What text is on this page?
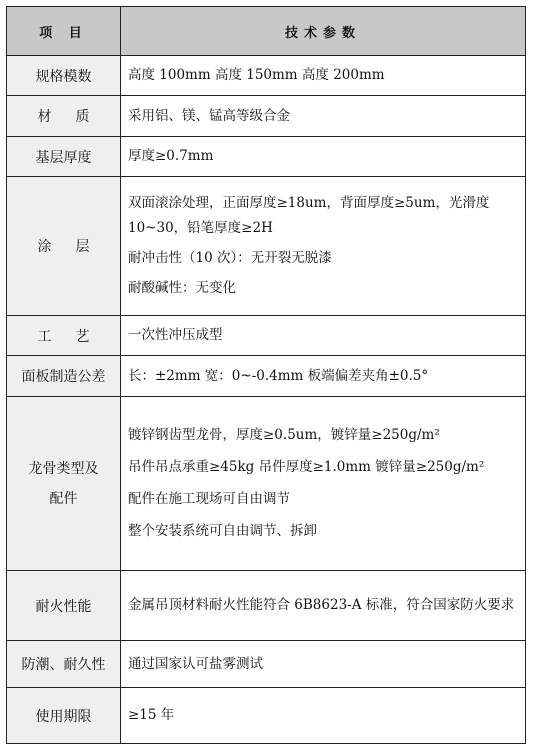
项 目	技术参数
规格模数	高度 100mm 高度 150mm 高度 200mm

材质	采用铝、镁、锰高等级合金

基层厚度	厚度≥0.7mm

涂层	双面滚涂处理，正面厚度≥18um，背面厚度≥5um，光滑度 10~30，铅笔厚度≥2H
耐冲击性（10 次）：无开裂无脱漆
耐酸碱性：无变化

工艺	一次性冲压成型

面板制造公差	长：±2mm 宽：0~-0.4mm 板端偏差夹角±0.5°

龙骨类型及配件	镀锌钢齿型龙骨，厚度≥0.5um，镀锌量≥250g/m²
吊件吊点承重≥45kg 吊件厚度≥1.0mm 镀锌量≥250g/m²
配件在施工现场可自由调节
整个安装系统可自由调节、拆卸

耐火性能	金属吊顶材料耐火性能符合 6B8623-A 标准，符合国家防火要求

防潮、耐久性	通过国家认可盐雾测试

使用期限	≥15 年
